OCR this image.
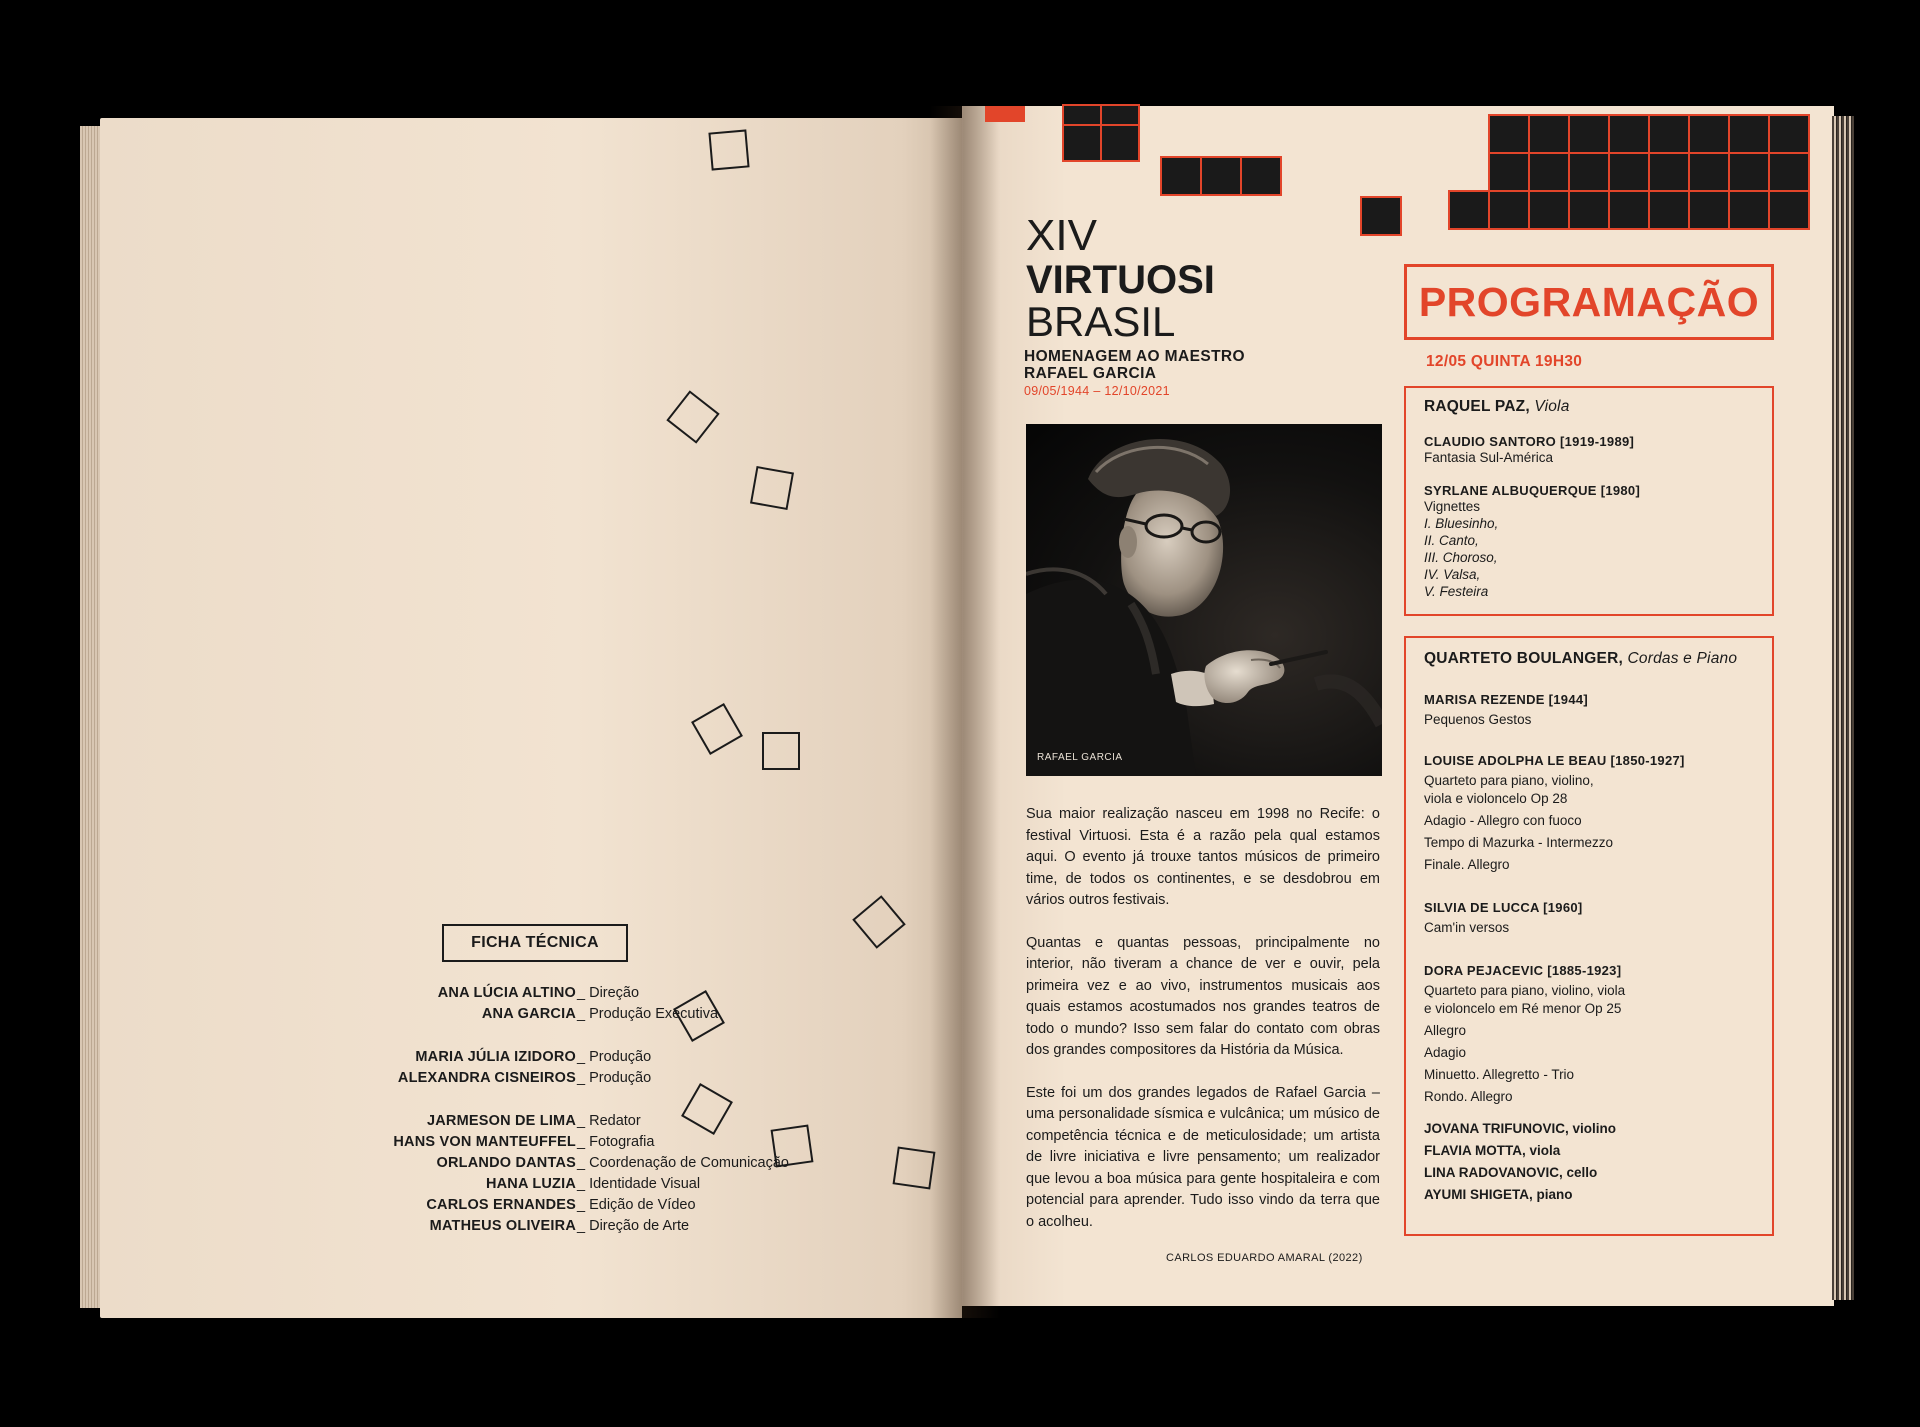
FICHA TÉCNICA
ANA LÚCIA ALTINO _ Direção
ANA GARCIA _ Produção Executiva
MARIA JÚLIA IZIDORO _ Produção
ALEXANDRA CISNEIROS _ Produção
JARMESON DE LIMA _ Redator
HANS VON MANTEUFFEL _ Fotografia
ORLANDO DANTAS _ Coordenação de Comunicação
HANA LUZIA _ Identidade Visual
CARLOS ERNANDES _ Edição de Vídeo
MATHEUS OLIVEIRA _ Direção de Arte
XIV
VIRTUOSI
BRASIL
HOMENAGEM AO MAESTRO
RAFAEL GARCIA
09/05/1944 – 12/10/2021
RAFAEL GARCIA

Sua maior realização nasceu em 1998 no Recife: o festival Virtuosi. Esta é a razão pela qual estamos aqui. O evento já trouxe tantos músicos de primeiro time, de todos os continentes, e se desdobrou em vários outros festivais.

Quantas e quantas pessoas, principalmente no interior, não tiveram a chance de ver e ouvir, pela primeira vez e ao vivo, instrumentos musicais aos quais estamos acostumados nos grandes teatros de todo o mundo? Isso sem falar do contato com obras dos grandes compositores da História da Música.

Este foi um dos grandes legados de Rafael Garcia – uma personalidade sísmica e vulcânica; um músico de competência técnica e de meticulosidade; um artista de livre iniciativa e livre pensamento; um realizador que levou a boa música para gente hospitaleira e com potencial para aprender. Tudo isso vindo da terra que o acolheu.

CARLOS EDUARDO AMARAL (2022)
PROGRAMAÇÃO
12/05 QUINTA 19H30
RAQUEL PAZ, Viola
CLAUDIO SANTORO [1919-1989]
Fantasia Sul-América
SYRLANE ALBUQUERQUE [1980]
Vignettes
I. Bluesinho,
II. Canto,
III. Choroso,
IV. Valsa,
V. Festeira
QUARTETO BOULANGER, Cordas e Piano
MARISA REZENDE [1944]
Pequenos Gestos
LOUISE ADOLPHA LE BEAU [1850-1927]
Quarteto para piano, violino,
viola e violoncelo Op 28
Adagio - Allegro con fuoco
Tempo di Mazurka - Intermezzo
Finale. Allegro
SILVIA DE LUCCA [1960]
Cam'in versos
DORA PEJACEVIC [1885-1923]
Quarteto para piano, violino, viola
e violoncelo em Ré menor Op 25
Allegro
Adagio
Minuetto. Allegretto - Trio
Rondo. Allegro
JOVANA TRIFUNOVIC, violino
FLAVIA MOTTA, viola
LINA RADOVANOVIC, cello
AYUMI SHIGETA, piano
